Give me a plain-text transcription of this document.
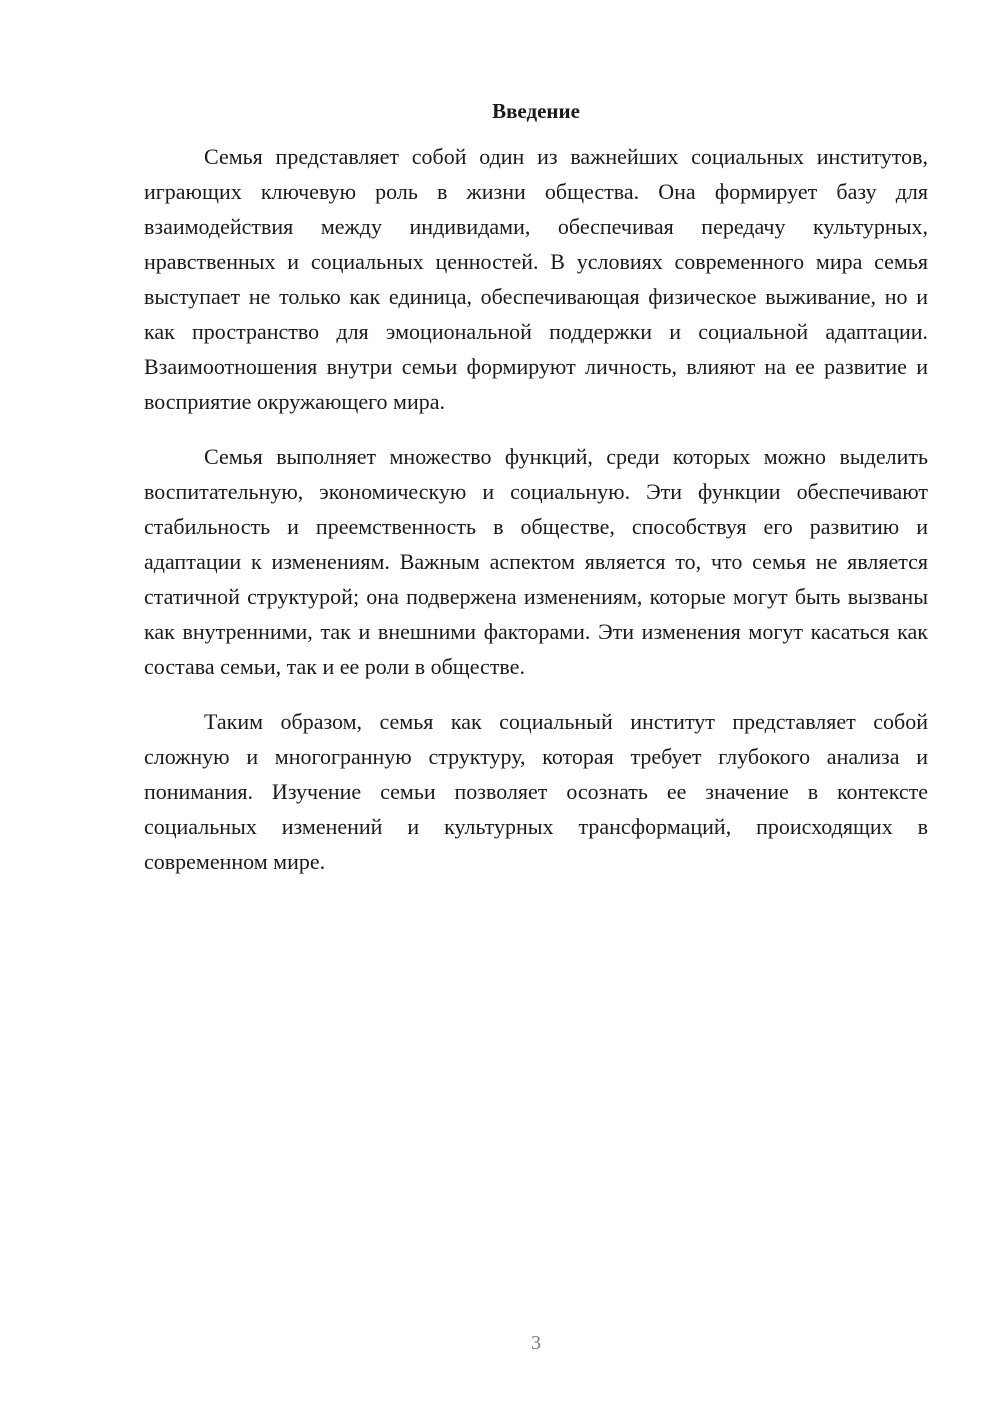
Введение

Семья представляет собой один из важнейших социальных институтов, играющих ключевую роль в жизни общества. Она формирует базу для взаимодействия между индивидами, обеспечивая передачу культурных, нравственных и социальных ценностей. В условиях современного мира семья выступает не только как единица, обеспечивающая физическое выживание, но и как пространство для эмоциональной поддержки и социальной адаптации. Взаимоотношения внутри семьи формируют личность, влияют на ее развитие и восприятие окружающего мира.

Семья выполняет множество функций, среди которых можно выделить воспитательную, экономическую и социальную. Эти функции обеспечивают стабильность и преемственность в обществе, способствуя его развитию и адаптации к изменениям. Важным аспектом является то, что семья не является статичной структурой; она подвержена изменениям, которые могут быть вызваны как внутренними, так и внешними факторами. Эти изменения могут касаться как состава семьи, так и ее роли в обществе.

Таким образом, семья как социальный институт представляет собой сложную и многогранную структуру, которая требует глубокого анализа и понимания. Изучение семьи позволяет осознать ее значение в контексте социальных изменений и культурных трансформаций, происходящих в современном мире.

3
